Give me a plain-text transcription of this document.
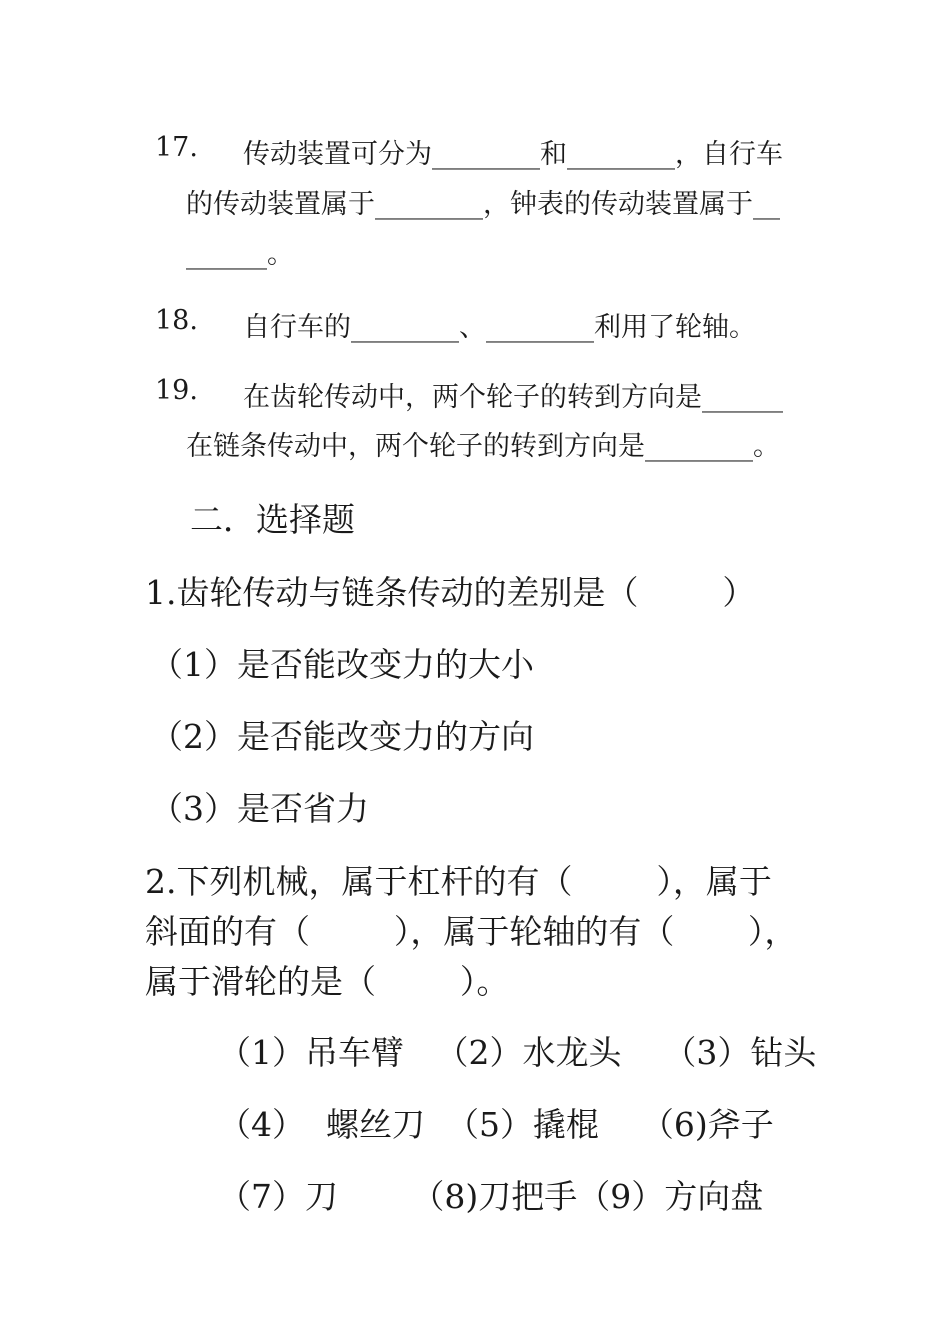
17. 传动装置可分为________和________，自行车

的传动装置属于________，钟表的传动装置属于__

______。

18. 自行车的________、________利用了轮轴。

19. 在齿轮传动中，两个轮子的转到方向是______

在链条传动中，两个轮子的转到方向是________。

二．选择题

1.齿轮传动与链条传动的差别是（        ）

（1）是否能改变力的大小

（2）是否能改变力的方向

（3）是否省力

2.下列机械，属于杠杆的有（        ），属于

斜面的有（        ），属于轮轴的有（       ），

属于滑轮的是（        ）。

（1）吊车臂   （2）水龙头    （3）钻头

（4）  螺丝刀  （5）撬棍    （6)斧子

（7）刀       （8)刀把手（9）方向盘
